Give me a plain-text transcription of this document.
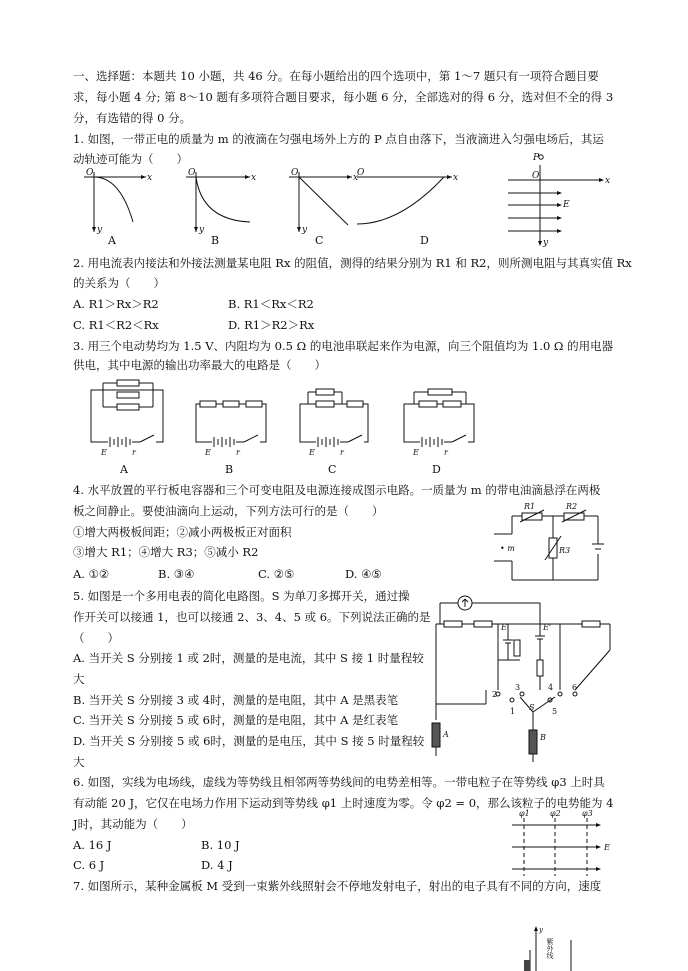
一、选择题：本题共 10 小题，共 46 分。在每小题给出的四个选项中，第 1～7 题只有一项符合题目要
求，每小题 4 分; 第 8～10 题有多项符合题目要求，每小题 6 分，全部选对的得 6 分，选对但不全的得 3
分，有选错的得 0 分。
1. 如图，一带正电的质量为 m 的液滴在匀强电场外上方的 P 点自由落下，当液滴进入匀强电场后，其运
动轨迹可能为（　　）
O	x
y
O	x
y
O	x
y
O	x
P
O	x
E
y
A	B	C	D
2. 用电流表内接法和外接法测量某电阻 Rx 的阻值，测得的结果分别为 R1 和 R2，则所测电阻与其真实值 Rx
的关系为（　　）
A. R1＞Rx＞R2	B. R1＜Rx＜R2
C. R1＜R2＜Rx	D. R1＞R2＞Rx
3. 用三个电动势均为 1.5 V、内阻均为 0.5 Ω 的电池串联起来作为电源，向三个阻值均为 1.0 Ω 的用电器
供电，其中电源的输出功率最大的电路是（　　）
E	r	E	r	E	r	E	r
A	B	C	D
4. 水平放置的平行板电容器和三个可变电阻及电源连接成图示电路。一质量为 m 的带电油滴悬浮在两极
板之间静止。要使油滴向上运动，下列方法可行的是（　　）
①增大两极板间距；②减小两极板正对面积
③增大 R1；④增大 R3；⑤减小 R2
A. ①②	B. ③④	C. ②⑤	D. ④⑤
R1	R2
R3
• m
5. 如图是一个多用电表的简化电路图。S 为单刀多掷开关，通过操
作开关可以接通 1，也可以接通 2、3、4、5 或 6。下列说法正确的是
（　　）
A. 当开关 S 分别接 1 或 2时，测量的是电流，其中 S 接 1 时量程较
大
B. 当开关 S 分别接 3 或 4时，测量的是电阻，其中 A 是黑表笔
C. 当开关 S 分别接 5 或 6时，测量的是电阻，其中 A 是红表笔
D. 当开关 S 分别接 5 或 6时，测量的是电压，其中 S 接 5 时量程较
大
A	B
S
E	E'
1
2
3	4
5
6
6. 如图，实线为电场线，虚线为等势线且相邻两等势线间的电势差相等。一带电粒子在等势线 φ3 上时具
有动能 20 J，它仅在电场力作用下运动到等势线 φ1 上时速度为零。令 φ2 = 0，那么该粒子的电势能为 4
J时，其动能为（　　）
A. 16 J	B. 10 J
C. 6 J	D. 4 J
φ1	φ2	φ3
E
7. 如图所示，某种金属板 M 受到一束紫外线照射会不停地发射电子，射出的电子具有不同的方向，速度
y
紫外线
